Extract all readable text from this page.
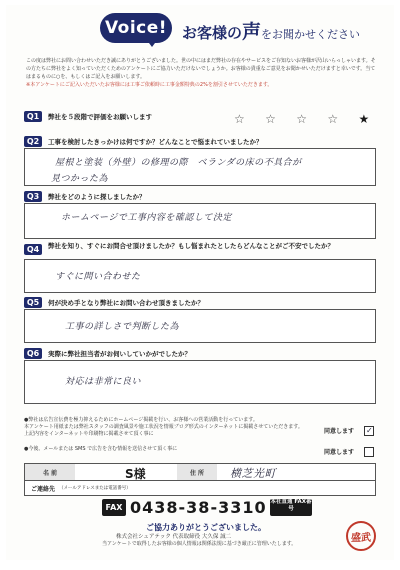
Voice! お客様の声をお聞かせください
この度は弊社にお問い合わせいただき誠にありがとうございました。世の中にはまだ弊社の存在やサービスをご存知ないお客様が沢山いらっしゃいます。その方たちに弊社をよく知っていただくためのアンケートにご協力いただけないでしょうか。お客様の貴重なご意見をお聞かせいただけますと幸いです。当てはまるものに○を、もしくはご記入をお願いします。
※本アンケートにご記入いただいたお客様には工事ご依頼時に工事金額特典の2%を割引させていただきます。
Q1	弊社を５段階で評価をお願いします	☆ ☆ ☆ ☆ ★
Q2	工事を検討したきっかけは何ですか？どんなことで悩まれていましたか？
屋根と塗装（外壁）の修理の際　ベランダの床の不具合が
見つかった為
Q3	弊社をどのように探しましたか？
ホームページで工事内容を確認して決定
Q4	弊社を知り、すぐにお問合せ頂けましたか？もし悩まれたとしたらどんなことがご不安でしたか？
すぐに問い合わせた
Q5	何が決め手となり弊社にお問い合わせ頂きましたか？
工事の詳しさで判断した為
Q6	実際に弊社担当者がお伺いしていかがでしたか？
対応は非常に良い
●弊社は広告宣伝費を極力抑えるためにホームページ掲載を行い、お客様への営業活動を行っています。
本アンケート用紙または弊社スタッフの調査風景や施工状況を情報ブログ形式のインターネットに掲載させていただきます。
上記内容をインターネットや印刷物に掲載させて頂く事に
●今後、メールまたは SMS で広告を含む情報を送信させて頂く事に
同意します
✓
同意します
名 前	S様	住 所	横芝光町
ご連絡先 （メールアドレスまたは電話番号）
FAX 0438-38-3310 本社直通 FAX番号
ご協力ありがとうございました。
株式会社シェアテック 代表取締役 大久保 誠二
当アンケートで取得したお客様の個人情報は関係法規に基づき厳正に管理いたします。
盛武
